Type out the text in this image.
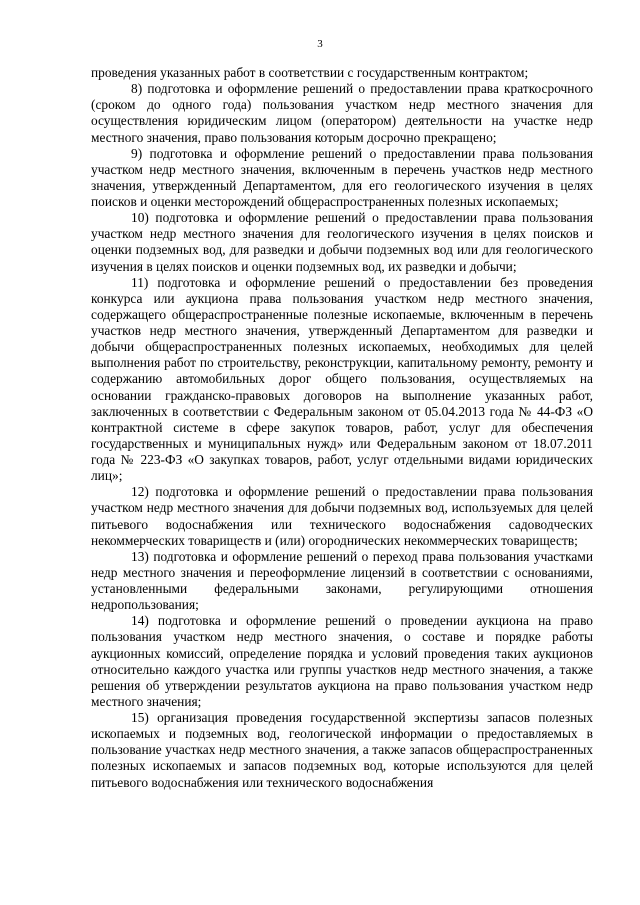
3

проведения указанных работ в соответствии с государственным контрактом;

8) подготовка и оформление решений о предоставлении права краткосрочного (сроком до одного года) пользования участком недр местного значения для осуществления юридическим лицом (оператором) деятельности на участке недр местного значения, право пользования которым досрочно прекращено;

9) подготовка и оформление решений о предоставлении права пользования участком недр местного значения, включенным в перечень участков недр местного значения, утвержденный Департаментом, для его геологического изучения в целях поисков и оценки месторождений общераспространенных полезных ископаемых;

10) подготовка и оформление решений о предоставлении права пользования участком недр местного значения для геологического изучения в целях поисков и оценки подземных вод, для разведки и добычи подземных вод или для геологического изучения в целях поисков и оценки подземных вод, их разведки и добычи;

11) подготовка и оформление решений о предоставлении без проведения конкурса или аукциона права пользования участком недр местного значения, содержащего общераспространенные полезные ископаемые, включенным в перечень участков недр местного значения, утвержденный Департаментом для разведки и добычи общераспространенных полезных ископаемых, необходимых для целей выполнения работ по строительству, реконструкции, капитальному ремонту, ремонту и содержанию автомобильных дорог общего пользования, осуществляемых на основании гражданско-правовых договоров на выполнение указанных работ, заключенных в соответствии с Федеральным законом от 05.04.2013 года № 44-ФЗ «О контрактной системе в сфере закупок товаров, работ, услуг для обеспечения государственных и муниципальных нужд» или Федеральным законом от 18.07.2011 года № 223-ФЗ «О закупках товаров, работ, услуг отдельными видами юридических лиц»;

12) подготовка и оформление решений о предоставлении права пользования участком недр местного значения для добычи подземных вод, используемых для целей питьевого водоснабжения или технического водоснабжения садоводческих некоммерческих товариществ и (или) огороднических некоммерческих товариществ;

13) подготовка и оформление решений о переход права пользования участками недр местного значения и переоформление лицензий в соответствии с основаниями, установленными федеральными законами, регулирующими отношения недропользования;

14) подготовка и оформление решений о проведении аукциона на право пользования участком недр местного значения, о составе и порядке работы аукционных комиссий, определение порядка и условий проведения таких аукционов относительно каждого участка или группы участков недр местного значения, а также решения об утверждении результатов аукциона на право пользования участком недр местного значения;

15) организация проведения государственной экспертизы запасов полезных ископаемых и подземных вод, геологической информации о предоставляемых в пользование участках недр местного значения, а также запасов общераспространенных полезных ископаемых и запасов подземных вод, которые используются для целей питьевого водоснабжения или технического водоснабжения
